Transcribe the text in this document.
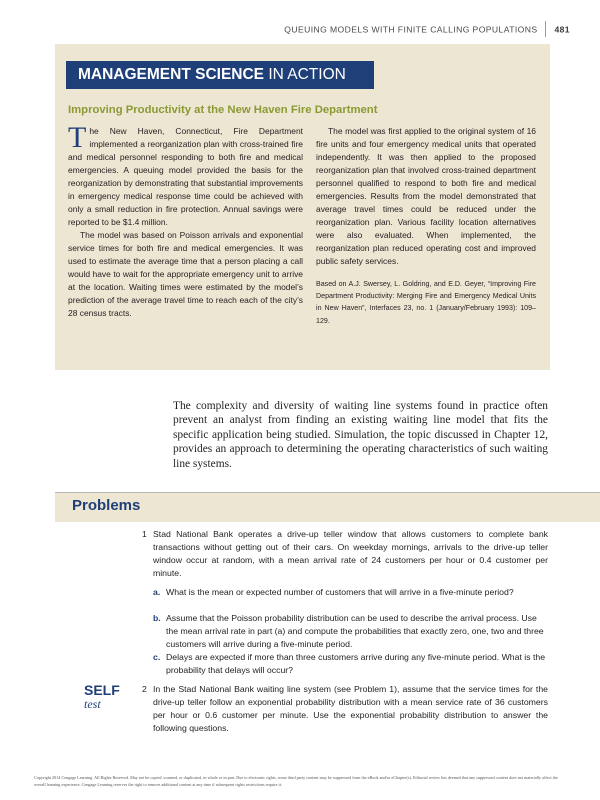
QUEUING MODELS WITH FINITE CALLING POPULATIONS 481
MANAGEMENT SCIENCE IN ACTION
Improving Productivity at the New Haven Fire Department

The New Haven, Connecticut, Fire Department implemented a reorganization plan with cross-trained fire and medical personnel responding to both fire and medical emergencies. A queuing model provided the basis for the reorganization by demonstrating that substantial improvements in emergency medical response time could be achieved with only a small reduction in fire protection. Annual savings were reported to be $1.4 million.

The model was based on Poisson arrivals and exponential service times for both fire and medical emergencies. It was used to estimate the average time that a person placing a call would have to wait for the appropriate emergency unit to arrive at the location. Waiting times were estimated by the model’s prediction of the average travel time to reach each of the city’s 28 census tracts.

The model was first applied to the original system of 16 fire units and four emergency medical units that operated independently. It was then applied to the proposed reorganization plan that involved cross-trained department personnel qualified to respond to both fire and medical emergencies. Results from the model demonstrated that average travel times could be reduced under the reorganization plan. Various facility location alternatives were also evaluated. When implemented, the reorganization plan reduced operating cost and improved public safety services.

Based on A.J. Swersey, L. Goldring, and E.D. Geyer, “Improving Fire Department Productivity: Merging Fire and Emergency Medical Units in New Haven”, Interfaces 23, no. 1 (January/February 1993): 109–129.

The complexity and diversity of waiting line systems found in practice often prevent an analyst from finding an existing waiting line model that fits the specific application being studied. Simulation, the topic discussed in Chapter 12, provides an approach to determining the operating characteristics of such waiting line systems.
Problems
1 Stad National Bank operates a drive-up teller window that allows customers to complete bank transactions without getting out of their cars. On weekday mornings, arrivals to the drive-up teller window occur at random, with a mean arrival rate of 24 customers per hour or 0.4 customer per minute.
a. What is the mean or expected number of customers that will arrive in a five-minute period?
b. Assume that the Poisson probability distribution can be used to describe the arrival process. Use the mean arrival rate in part (a) and compute the probabilities that exactly zero, one, two and three customers will arrive during a five-minute period.
c. Delays are expected if more than three customers arrive during any five-minute period. What is the probability that delays will occur?
SELF
test
2 In the Stad National Bank waiting line system (see Problem 1), assume that the service times for the drive-up teller follow an exponential probability distribution with a mean service rate of 36 customers per hour or 0.6 customer per minute. Use the exponential probability distribution to answer the following questions.
Copyright 2014 Cengage Learning. All Rights Reserved. May not be copied, scanned, or duplicated, in whole or in part. Due to electronic rights, some third party content may be suppressed from the eBook and/or eChapter(s). Editorial review has deemed that any suppressed content does not materially affect the overall learning experience. Cengage Learning reserves the right to remove additional content at any time if subsequent rights restrictions require it.
